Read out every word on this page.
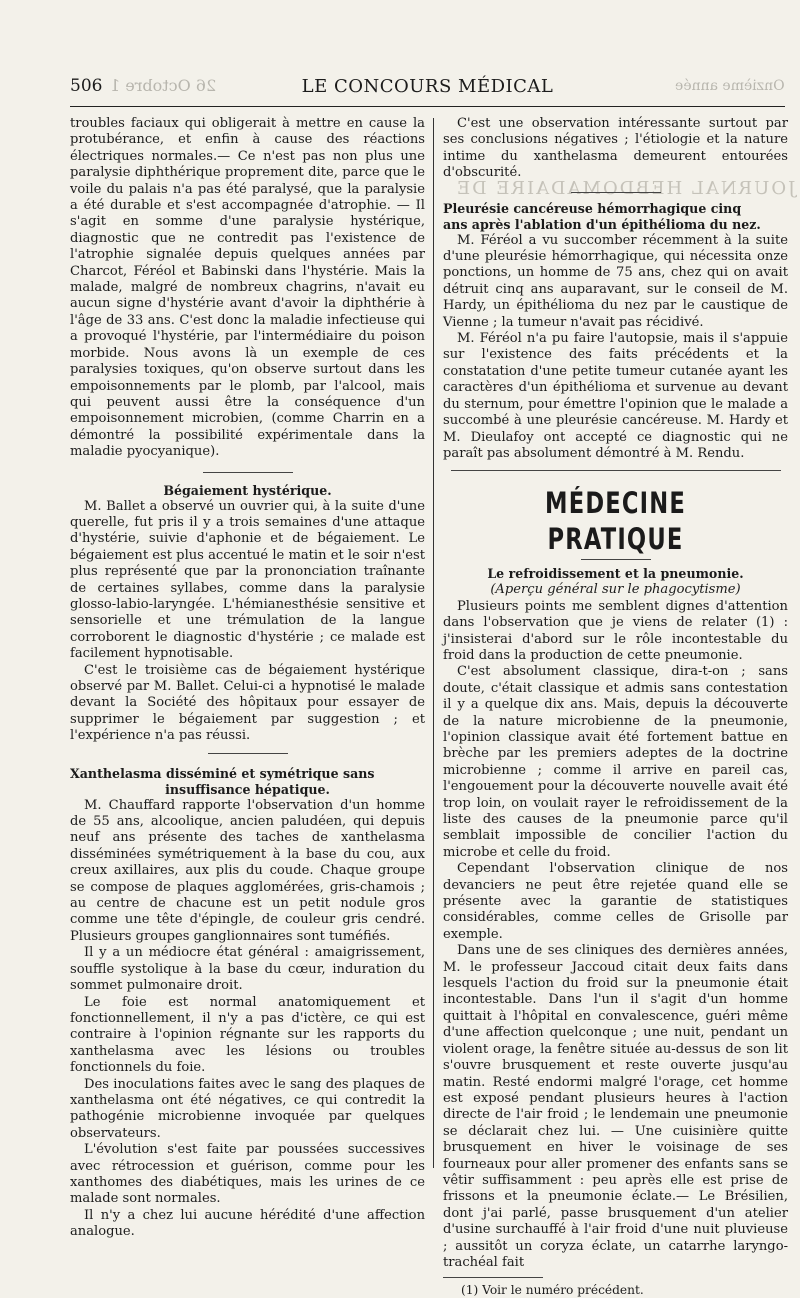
506 26 Octobre 1	LE CONCOURS MÉDICAL	Onzième année
JOURNAL HEBDOMADAIRE DE

troubles faciaux qui obligerait à mettre en cause la protubérance, et enfin à cause des réactions électriques normales.— Ce n'est pas non plus une paralysie diphthérique proprement dite, parce que le voile du palais n'a pas été paralysé, que la paralysie a été durable et s'est accompagnée d'atrophie. — Il s'agit en somme d'une paralysie hystérique, diagnostic que ne contredit pas l'existence de l'atrophie signalée depuis quelques années par Charcot, Féréol et Babinski dans l'hystérie. Mais la malade, malgré de nombreux chagrins, n'avait eu aucun signe d'hystérie avant d'avoir la diphthérie à l'âge de 33 ans. C'est donc la maladie infectieuse qui a provoqué l'hystérie, par l'intermédiaire du poison morbide. Nous avons là un exemple de ces paralysies toxiques, qu'on observe surtout dans les empoisonnements par le plomb, par l'alcool, mais qui peuvent aussi être la conséquence d'un empoisonnement microbien, (comme Charrin en a démontré la possibilité expérimentale dans la maladie pyocyanique).

Bégaiement hystérique.

M. Ballet a observé un ouvrier qui, à la suite d'une querelle, fut pris il y a trois semaines d'une attaque d'hystérie, suivie d'aphonie et de bégaiement. Le bégaiement est plus accentué le matin et le soir n'est plus représenté que par la prononciation traînante de certaines syllabes, comme dans la paralysie glosso-labio-laryngée. L'hémianesthésie sensitive et sensorielle et une trémulation de la langue corroborent le diagnostic d'hystérie ; ce malade est facilement hypnotisable.

C'est le troisième cas de bégaiement hystérique observé par M. Ballet. Celui-ci a hypnotisé le malade devant la Société des hôpitaux pour essayer de supprimer le bégaiement par suggestion ; et l'expérience n'a pas réussi.

Xanthelasma disséminé et symétrique sans

insuffisance hépatique.

M. Chauffard rapporte l'observation d'un homme de 55 ans, alcoolique, ancien paludéen, qui depuis neuf ans présente des taches de xanthelasma disséminées symétriquement à la base du cou, aux creux axillaires, aux plis du coude. Chaque groupe se compose de plaques agglomérées, gris-chamois ; au centre de chacune est un petit nodule gros comme une tête d'épingle, de couleur gris cendré. Plusieurs groupes ganglionnaires sont tuméfiés.

Il y a un médiocre état général : amaigrissement, souffle systolique à la base du cœur, induration du sommet pulmonaire droit.

Le foie est normal anatomiquement et fonctionnellement, il n'y a pas d'ictère, ce qui est contraire à l'opinion régnante sur les rapports du xanthelasma avec les lésions ou troubles fonctionnels du foie.

Des inoculations faites avec le sang des plaques de xanthelasma ont été négatives, ce qui contredit la pathogénie microbienne invoquée par quelques observateurs.

L'évolution s'est faite par poussées successives avec rétrocession et guérison, comme pour les xanthomes des diabétiques, mais les urines de ce malade sont normales.

Il n'y a chez lui aucune hérédité d'une affection analogue.

C'est une observation intéressante surtout par ses conclusions négatives ; l'étiologie et la nature intime du xanthelasma demeurent entourées d'obscurité.

Pleurésie cancéreuse hémorrhagique cinq

ans après l'ablation d'un épithélioma du nez.

M. Féréol a vu succomber récemment à la suite d'une pleurésie hémorrhagique, qui nécessita onze ponctions, un homme de 75 ans, chez qui on avait détruit cinq ans auparavant, sur le conseil de M. Hardy, un épithélioma du nez par le caustique de Vienne ; la tumeur n'avait pas récidivé.

M. Féréol n'a pu faire l'autopsie, mais il s'appuie sur l'existence des faits précédents et la constatation d'une petite tumeur cutanée ayant les caractères d'un épithélioma et survenue au devant du sternum, pour émettre l'opinion que le malade a succombé à une pleurésie cancéreuse. M. Hardy et M. Dieulafoy ont accepté ce diagnostic qui ne paraît pas absolument démontré à M. Rendu.

MÉDECINE PRATIQUE

Le refroidissement et la pneumonie.

(Aperçu général sur le phagocytisme)

Plusieurs points me semblent dignes d'attention dans l'observation que je viens de relater (1) : j'insisterai d'abord sur le rôle incontestable du froid dans la production de cette pneumonie.

C'est absolument classique, dira-t-on ; sans doute, c'était classique et admis sans contestation il y a quelque dix ans. Mais, depuis la découverte de la nature microbienne de la pneumonie, l'opinion classique avait été fortement battue en brèche par les premiers adeptes de la doctrine microbienne ; comme il arrive en pareil cas, l'engouement pour la découverte nouvelle avait été trop loin, on voulait rayer le refroidissement de la liste des causes de la pneumonie parce qu'il semblait impossible de concilier l'action du microbe et celle du froid.

Cependant l'observation clinique de nos devanciers ne peut être rejetée quand elle se présente avec la garantie de statistiques considérables, comme celles de Grisolle par exemple.

Dans une de ses cliniques des dernières années, M. le professeur Jaccoud citait deux faits dans lesquels l'action du froid sur la pneumonie était incontestable. Dans l'un il s'agit d'un homme quittait à l'hôpital en convalescence, guéri même d'une affection quelconque ; une nuit, pendant un violent orage, la fenêtre située au-dessus de son lit s'ouvre brusquement et reste ouverte jusqu'au matin. Resté endormi malgré l'orage, cet homme est exposé pendant plusieurs heures à l'action directe de l'air froid ; le lendemain une pneumonie se déclarait chez lui. — Une cuisinière quitte brusquement en hiver le voisinage de ses fourneaux pour aller promener des enfants sans se vêtir suffisamment : peu après elle est prise de frissons et la pneumonie éclate.— Le Brésilien, dont j'ai parlé, passe brusquement d'un atelier d'usine surchauffé à l'air froid d'une nuit pluvieuse ; aussitôt un coryza éclate, un catarrhe laryngo-trachéal fait

(1) Voir le numéro précédent.
